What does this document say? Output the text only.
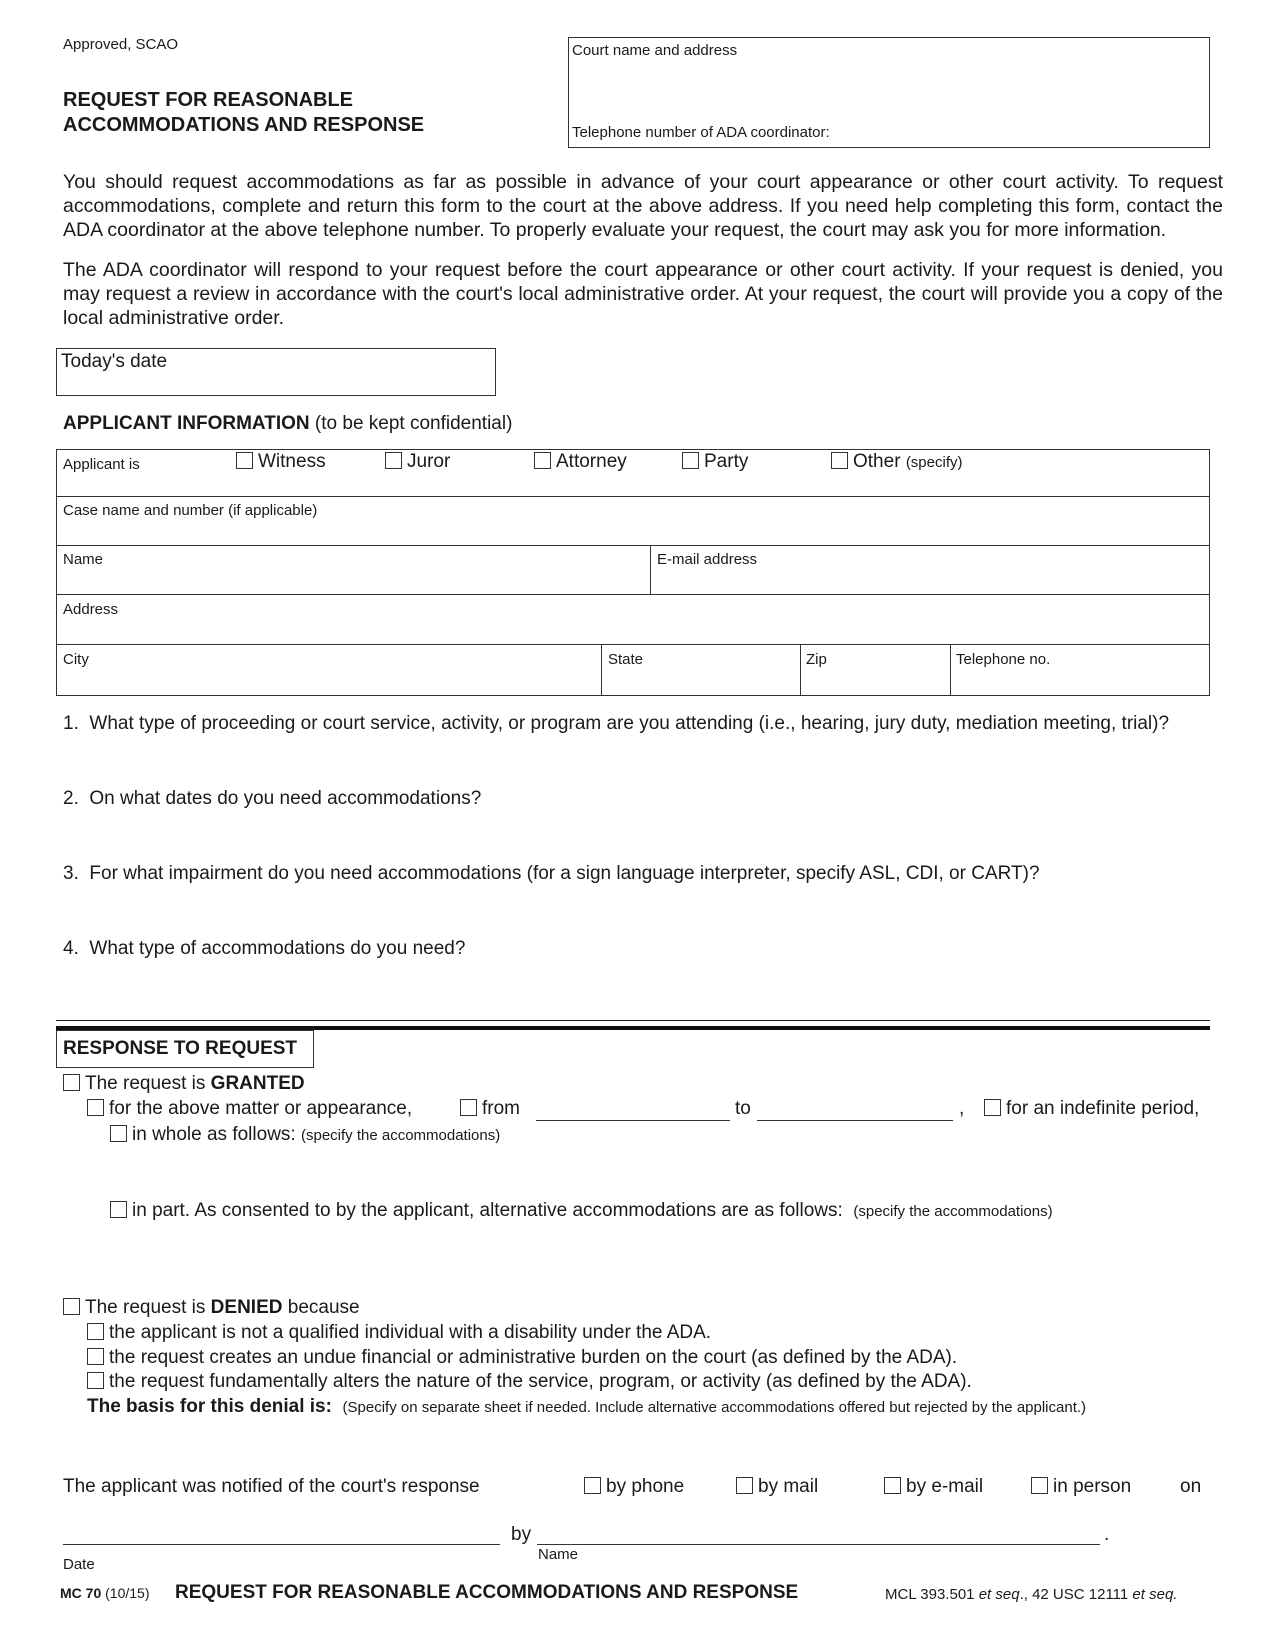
Approved, SCAO
REQUEST FOR REASONABLE
ACCOMMODATIONS AND RESPONSE
Court name and address
Telephone number of ADA coordinator:
You should request accommodations as far as possible in advance of your court appearance or other court activity. To request accommodations, complete and return this form to the court at the above address. If you need help completing this form, contact the ADA coordinator at the above telephone number. To properly evaluate your request, the court may ask you for more information.
The ADA coordinator will respond to your request before the court appearance or other court activity. If your request is denied, you may request a review in accordance with the court's local administrative order. At your request, the court will provide you a copy of the local administrative order.
Today's date
APPLICANT INFORMATION (to be kept confidential)
Applicant is	Witness	Juror	Attorney	Party	Other (specify)
Case name and number (if applicable)
Name	E-mail address
Address
City	State	Zip	Telephone no.
1.  What type of proceeding or court service, activity, or program are you attending (i.e., hearing, jury duty, mediation meeting, trial)?
2.  On what dates do you need accommodations?
3.  For what impairment do you need accommodations (for a sign language interpreter, specify ASL, CDI, or CART)?
4.  What type of accommodations do you need?
RESPONSE TO REQUEST
The request is GRANTED
for the above matter or appearance,	from	to	,	for an indefinite period,
in whole as follows: (specify the accommodations)
in part. As consented to by the applicant, alternative accommodations are as follows: (specify the accommodations)
The request is DENIED because
the applicant is not a qualified individual with a disability under the ADA.
the request creates an undue financial or administrative burden on the court (as defined by the ADA).
the request fundamentally alters the nature of the service, program, or activity (as defined by the ADA).
The basis for this denial is: (Specify on separate sheet if needed. Include alternative accommodations offered but rejected by the applicant.)
The applicant was notified of the court's response	by phone	by mail	by e-mail	in person	on
by	.
Date
Name
MC 70 (10/15) REQUEST FOR REASONABLE ACCOMMODATIONS AND RESPONSE	MCL 393.501 et seq., 42 USC 12111 et seq.
